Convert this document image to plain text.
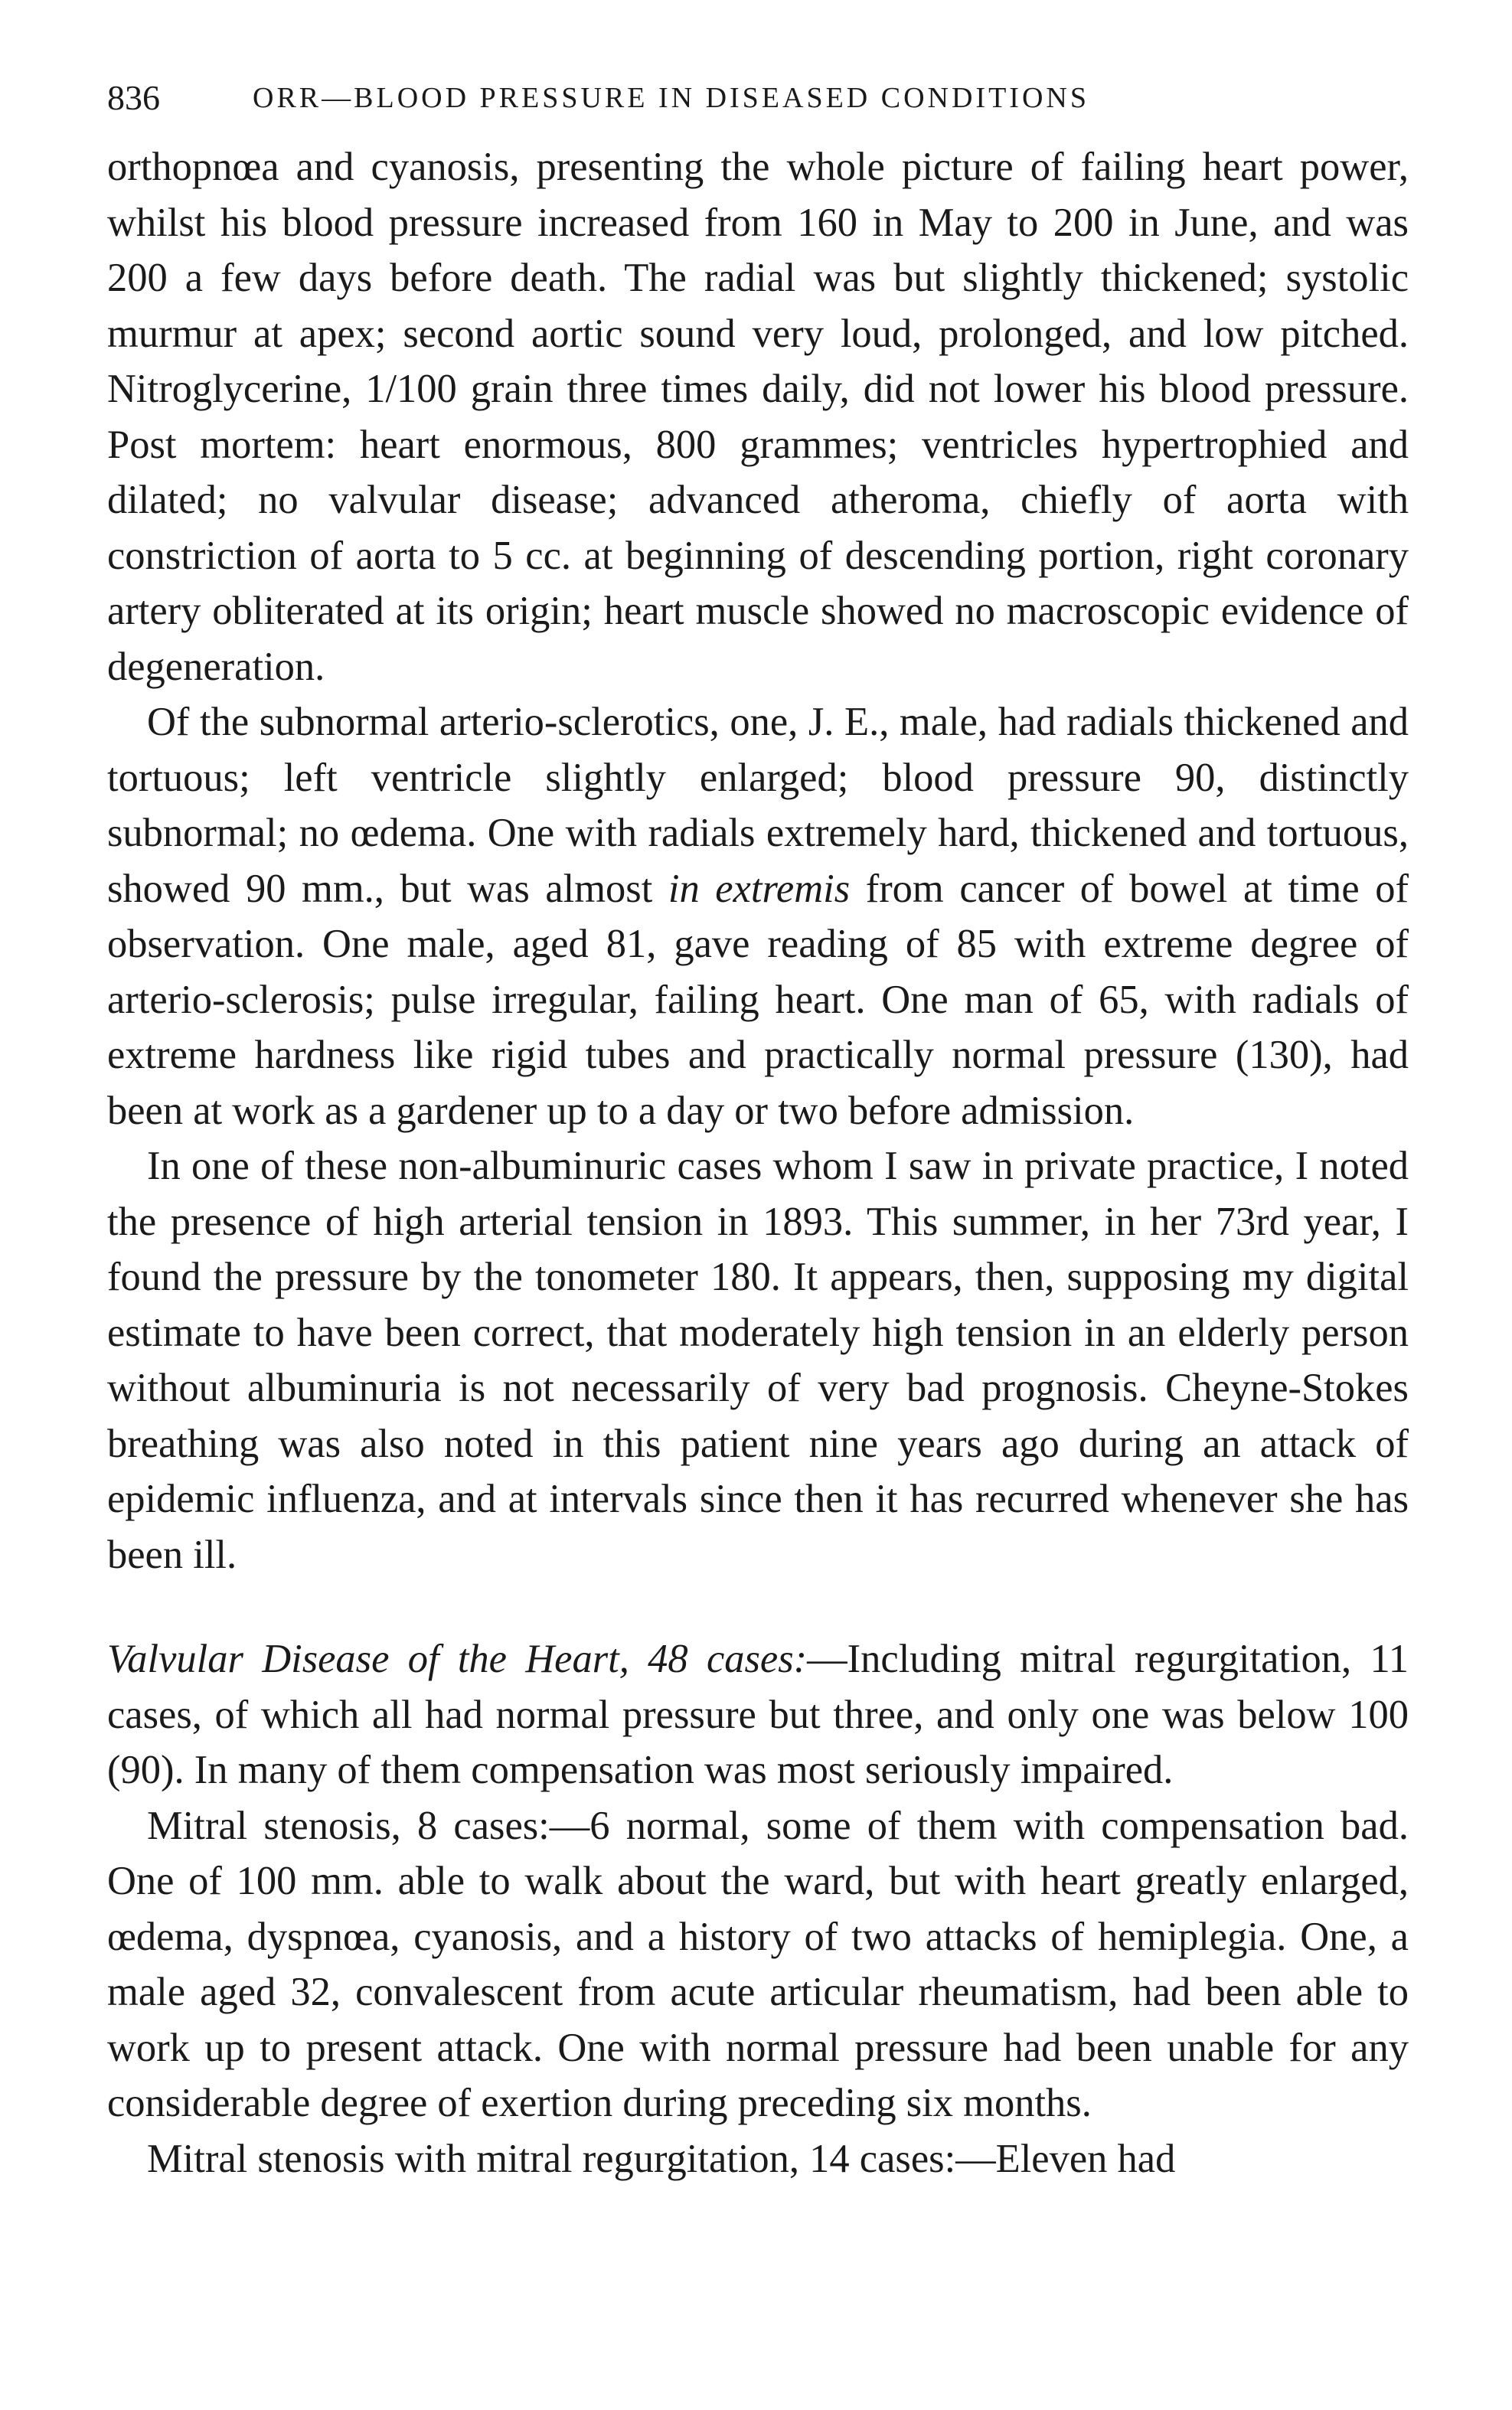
836	ORR—BLOOD PRESSURE IN DISEASED CONDITIONS

orthopnœa and cyanosis, presenting the whole picture of failing heart power, whilst his blood pressure increased from 160 in May to 200 in June, and was 200 a few days before death. The radial was but slightly thickened; systolic murmur at apex; second aortic sound very loud, prolonged, and low pitched. Nitroglycerine, 1/100 grain three times daily, did not lower his blood pressure. Post mortem: heart enormous, 800 grammes; ventricles hypertrophied and dilated; no valvular disease; advanced atheroma, chiefly of aorta with constriction of aorta to 5 cc. at beginning of descending portion, right coronary artery obliterated at its origin; heart muscle showed no macroscopic evidence of degeneration.

Of the subnormal arterio-sclerotics, one, J. E., male, had radials thickened and tortuous; left ventricle slightly enlarged; blood pressure 90, distinctly subnormal; no œdema. One with radials extremely hard, thickened and tortuous, showed 90 mm., but was almost in extremis from cancer of bowel at time of observation. One male, aged 81, gave reading of 85 with extreme degree of arterio-sclerosis; pulse irregular, failing heart. One man of 65, with radials of extreme hardness like rigid tubes and practically normal pressure (130), had been at work as a gardener up to a day or two before admission.

In one of these non-albuminuric cases whom I saw in private practice, I noted the presence of high arterial tension in 1893. This summer, in her 73rd year, I found the pressure by the tonometer 180. It appears, then, supposing my digital estimate to have been correct, that moderately high tension in an elderly person without albuminuria is not necessarily of very bad prognosis. Cheyne-Stokes breathing was also noted in this patient nine years ago during an attack of epidemic influenza, and at intervals since then it has recurred whenever she has been ill.

Valvular Disease of the Heart, 48 cases:—Including mitral regurgitation, 11 cases, of which all had normal pressure but three, and only one was below 100 (90). In many of them compensation was most seriously impaired.

Mitral stenosis, 8 cases:—6 normal, some of them with compensation bad. One of 100 mm. able to walk about the ward, but with heart greatly enlarged, œdema, dyspnœa, cyanosis, and a history of two attacks of hemiplegia. One, a male aged 32, convalescent from acute articular rheumatism, had been able to work up to present attack. One with normal pressure had been unable for any considerable degree of exertion during preceding six months.

Mitral stenosis with mitral regurgitation, 14 cases:—Eleven had
